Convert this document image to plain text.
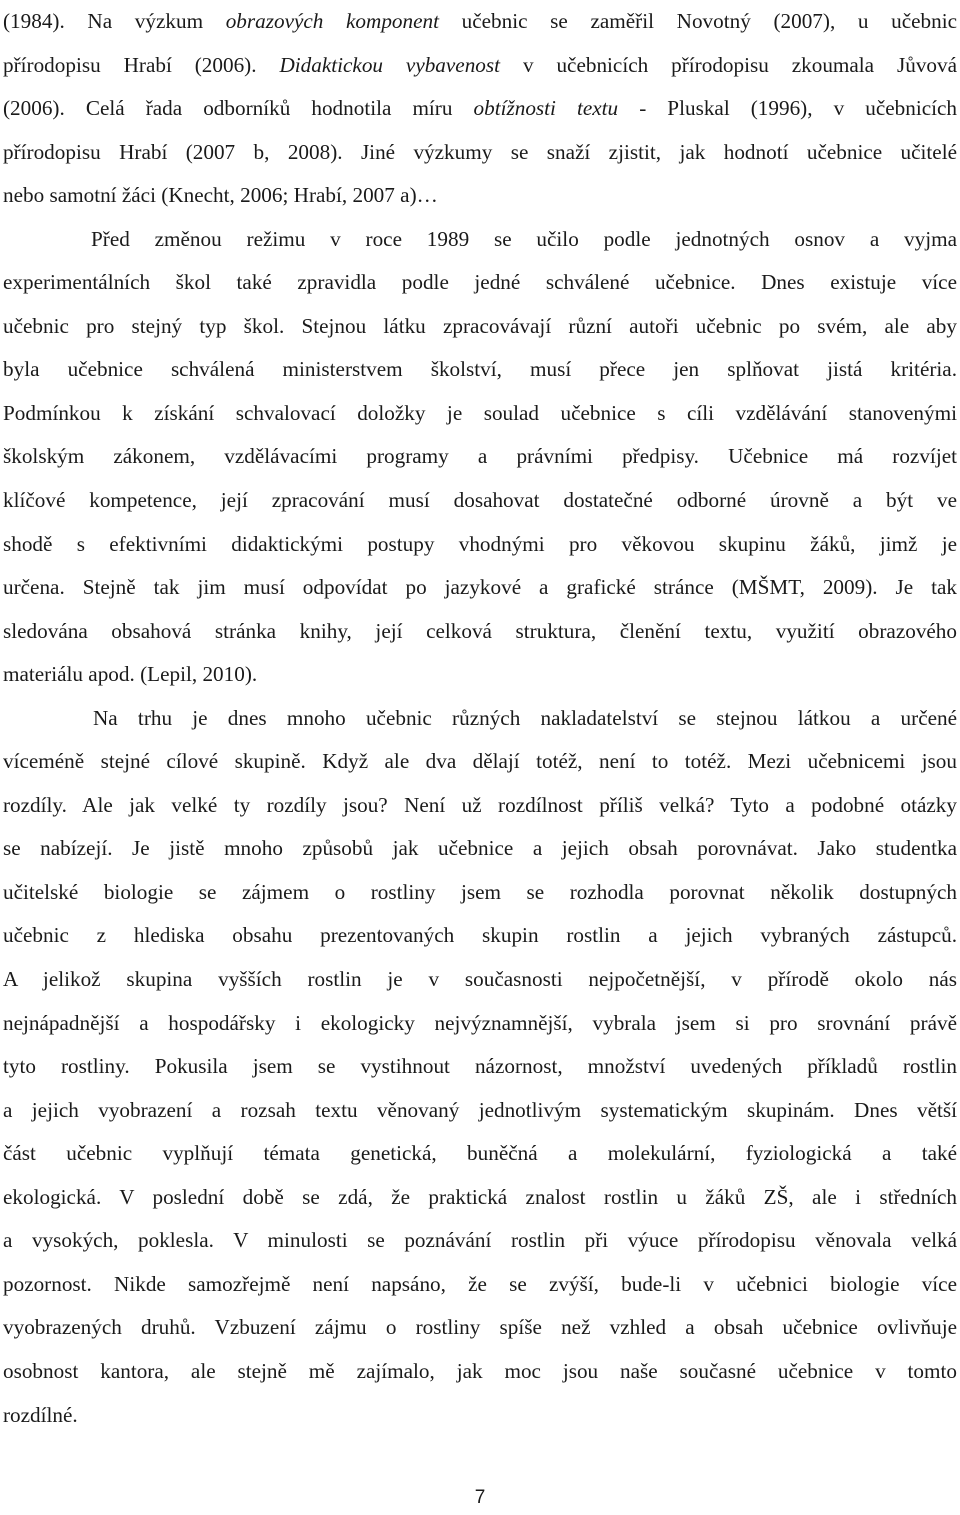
(1984). Na výzkum obrazových komponent učebnic se zaměřil Novotný (2007), u učebnic
přírodopisu Hrabí (2006). Didaktickou vybavenost v učebnicích přírodopisu zkoumala Jůvová
(2006). Celá řada odborníků hodnotila míru obtížnosti textu - Pluskal (1996), v učebnicích
přírodopisu Hrabí (2007 b, 2008). Jiné výzkumy se snaží zjistit, jak hodnotí učebnice učitelé
nebo samotní žáci (Knecht, 2006; Hrabí, 2007 a)…
Před změnou režimu v roce 1989 se učilo podle jednotných osnov a vyjma
experimentálních škol také zpravidla podle jedné schválené učebnice. Dnes existuje více
učebnic pro stejný typ škol. Stejnou látku zpracovávají různí autoři učebnic po svém, ale aby
byla učebnice schválená ministerstvem školství, musí přece jen splňovat jistá kritéria.
Podmínkou k získání schvalovací doložky je soulad učebnice s cíli vzdělávání stanovenými
školským zákonem, vzdělávacími programy a právními předpisy. Učebnice má rozvíjet
klíčové kompetence, její zpracování musí dosahovat dostatečné odborné úrovně a být ve
shodě s efektivními didaktickými postupy vhodnými pro věkovou skupinu žáků, jimž je
určena. Stejně tak jim musí odpovídat po jazykové a grafické stránce (MŠMT, 2009). Je tak
sledována obsahová stránka knihy, její celková struktura, členění textu, využití obrazového
materiálu apod. (Lepil, 2010).
Na trhu je dnes mnoho učebnic různých nakladatelství se stejnou látkou a určené
víceméně stejné cílové skupině. Když ale dva dělají totéž, není to totéž. Mezi učebnicemi jsou
rozdíly. Ale jak velké ty rozdíly jsou? Není už rozdílnost příliš velká? Tyto a podobné otázky
se nabízejí. Je jistě mnoho způsobů jak učebnice a jejich obsah porovnávat. Jako studentka
učitelské biologie se zájmem o rostliny jsem se rozhodla porovnat několik dostupných
učebnic z hlediska obsahu prezentovaných skupin rostlin a jejich vybraných zástupců.
A jelikož skupina vyšších rostlin je v současnosti nejpočetnější, v přírodě okolo nás
nejnápadnější a hospodářsky i ekologicky nejvýznamnější, vybrala jsem si pro srovnání právě
tyto rostliny. Pokusila jsem se vystihnout názornost, množství uvedených příkladů rostlin
a jejich vyobrazení a rozsah textu věnovaný jednotlivým systematickým skupinám. Dnes větší
část učebnic vyplňují témata genetická, buněčná a molekulární, fyziologická a také
ekologická. V poslední době se zdá, že praktická znalost rostlin u žáků ZŠ, ale i středních
a vysokých, poklesla. V minulosti se poznávání rostlin při výuce přírodopisu věnovala velká
pozornost. Nikde samozřejmě není napsáno, že se zvýší, bude-li v učebnici biologie více
vyobrazených druhů. Vzbuzení zájmu o rostliny spíše než vzhled a obsah učebnice ovlivňuje
osobnost kantora, ale stejně mě zajímalo, jak moc jsou naše současné učebnice v tomto
rozdílné.
7
